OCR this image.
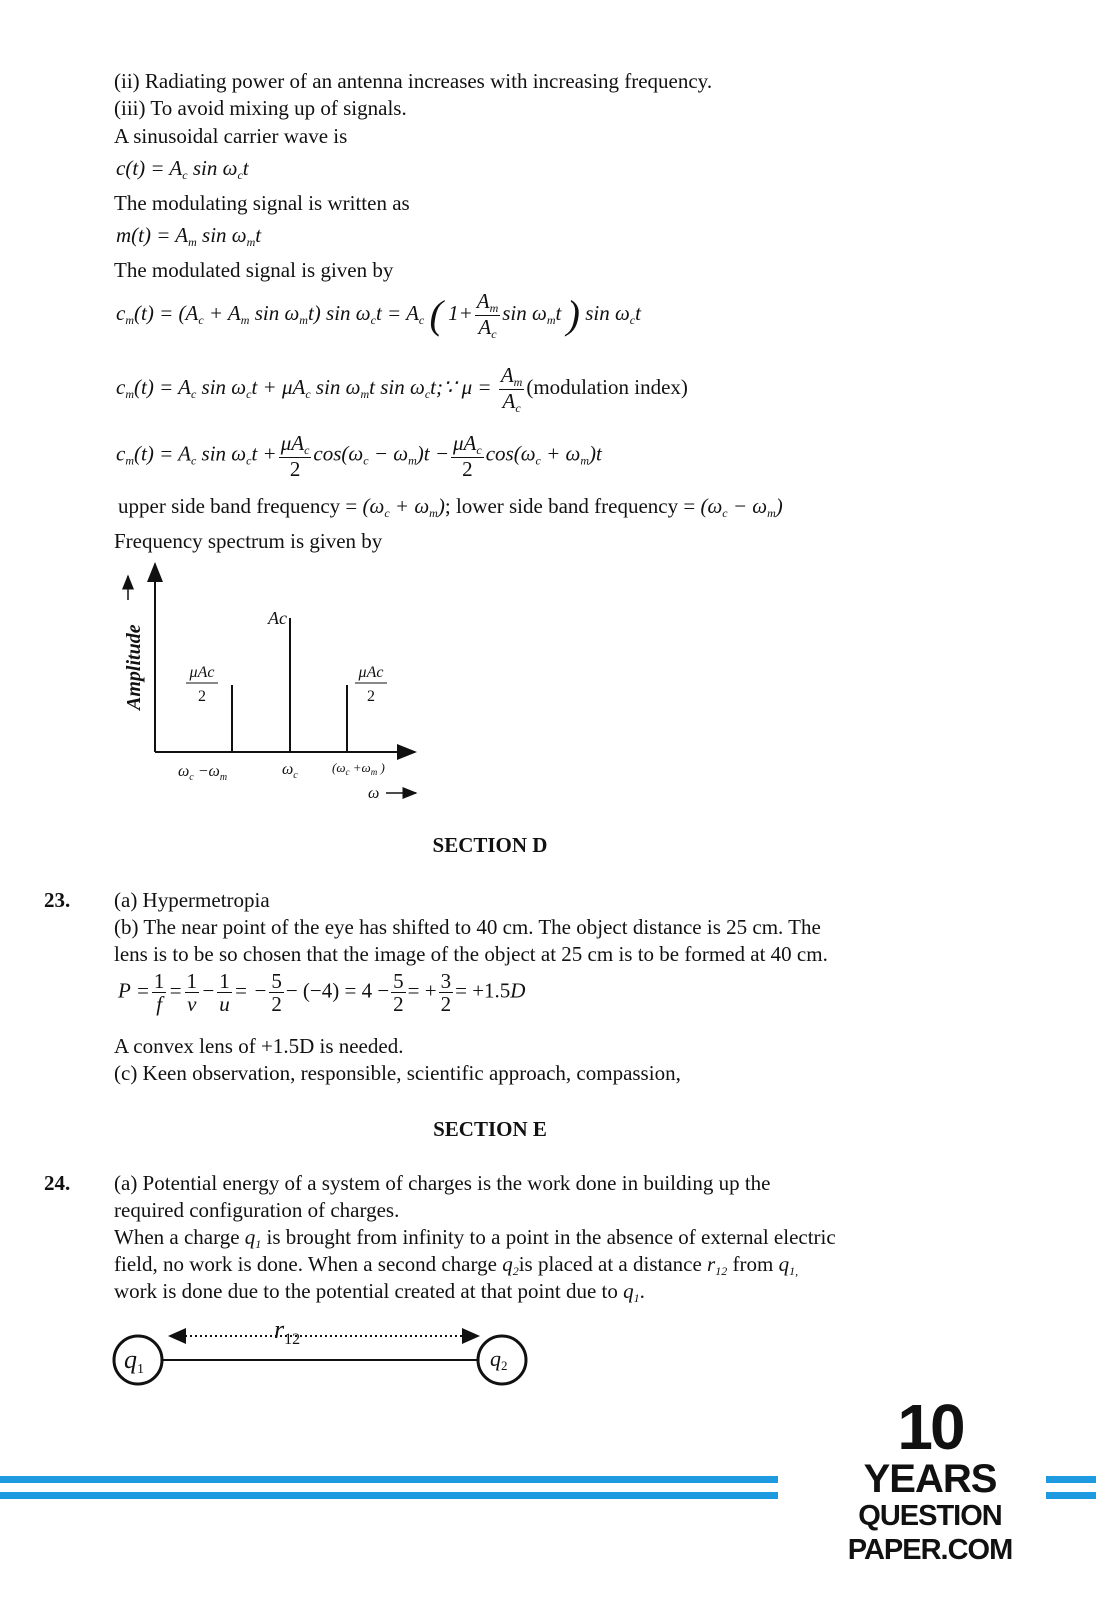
(ii) Radiating power of an antenna increases with increasing frequency.
(iii) To avoid mixing up of signals.
A sinusoidal carrier wave is
$c(t) = A_c$ $\sin \omega_ct$
The modulating signal is written as
$m(t) = A_m$ $\sin \omega_mt$
The modulated signal is given by
$c_m(t) = (A_c + A_m$ $\sin \omega_mt$) $\sin \omega_ct = A_c$ ( $1+ \frac{A_m}{A_c}$ $\sin \omega_mt$ ) $\sin \omega_ct$
$c_m(t) = A_c$ $\sin \omega_ct + \mu A_c$ $\sin \omega_mt$ $\sin \omega_ct;\because$ $\mu = \frac{A_m}{A_c}$ (modulation index)
$c_m(t) = A_c$ $\sin \omega_ct + \frac{\mu A_c}{2} \cos(\omega_c - \omega_m)t - \frac{\mu A_c}{2} \cos(\omega_c + \omega_m)t$
upper side band frequency = $(\omega_c + \omega_m)$; lower side band frequency = $(\omega_c - \omega_m)$
Frequency spectrum is given by
Amplitude
$\omega_c -\omega_m$	$\omega_c$
($\omega_c +\omega_m$ )
ω
μAc
2
Ac
μAc
2
SECTION D
23. (a) Hypermetropia
(b) The near point of the eye has shifted to 40 cm. The object distance is 25 cm. The
lens is to be so chosen that the image of the object at 25 cm is to be formed at 40 cm.
$P = \frac{1}{f} = \frac{1}{v} - \frac{1}{u}$ = − $\frac{5}{2} - (-4) = 4 - \frac{5}{2}$ = + $\frac{3}{2} = +1.5D$
A convex lens of +1.5D is needed.
(c) Keen observation, responsible, scientific approach, compassion,
SECTION E
24. (a) Potential energy of a system of charges is the work done in building up the
required configuration of charges.
When a charge $q_1$ is brought from infinity to a point in the absence of external electric
field, no work is done. When a second charge $q_2is$ placed at a distance $r_{12}$ from $q_{1,}$
work is done due to the potential created at that point due to $q_1$.
$r_{12}$
q1	q2
10
YEARS
QUESTION PAPER.COM
